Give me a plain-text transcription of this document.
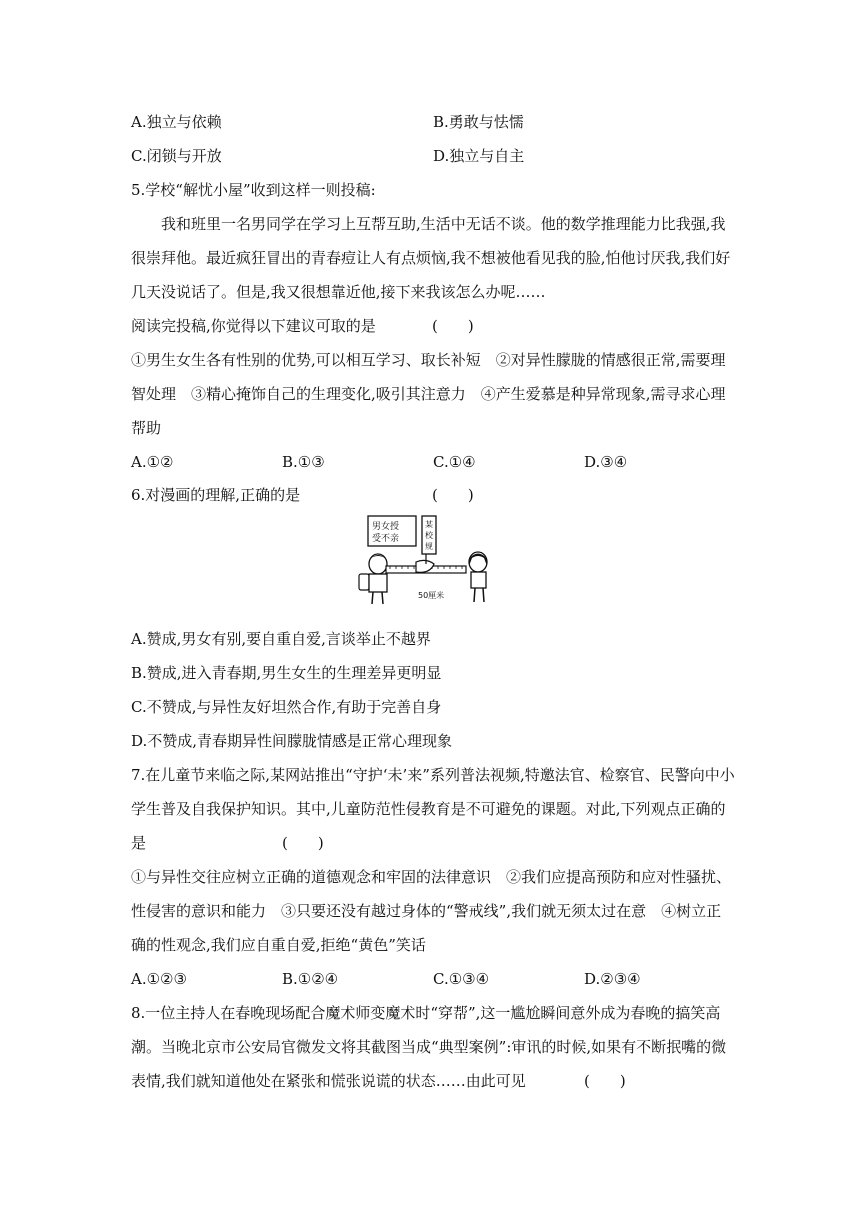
A.独立与依赖	B.勇敢与怯懦
C.闭锁与开放	D.独立与自主
5.学校“解忧小屋”收到这样一则投稿:
我和班里一名男同学在学习上互帮互助,生活中无话不谈。他的数学推理能力比我强,我
很崇拜他。最近疯狂冒出的青春痘让人有点烦恼,我不想被他看见我的脸,怕他讨厌我,我们好
几天没说话了。但是,我又很想靠近他,接下来我该怎么办呢……
阅读完投稿,你觉得以下建议可取的是	(　　)
①男生女生各有性别的优势,可以相互学习、取长补短　②对异性朦胧的情感很正常,需要理
智处理　③精心掩饰自己的生理变化,吸引其注意力　④产生爱慕是种异常现象,需寻求心理
帮助
A.①②	B.①③	C.①④	D.③④
6.对漫画的理解,正确的是	(　　)
男女授
受不亲
某
校
规
50厘米
A.赞成,男女有别,要自重自爱,言谈举止不越界
B.赞成,进入青春期,男生女生的生理差异更明显
C.不赞成,与异性友好坦然合作,有助于完善自身
D.不赞成,青春期异性间朦胧情感是正常心理现象
7.在儿童节来临之际,某网站推出“守护‘未’来”系列普法视频,特邀法官、检察官、民警向中小
学生普及自我保护知识。其中,儿童防范性侵教育是不可避免的课题。对此,下列观点正确的
是	(　　)
①与异性交往应树立正确的道德观念和牢固的法律意识　②我们应提高预防和应对性骚扰、
性侵害的意识和能力　③只要还没有越过身体的“警戒线”,我们就无须太过在意　④树立正
确的性观念,我们应自重自爱,拒绝“黄色”笑话
A.①②③	B.①②④	C.①③④	D.②③④
8.一位主持人在春晚现场配合魔术师变魔术时“穿帮”,这一尴尬瞬间意外成为春晚的搞笑高
潮。当晚北京市公安局官微发文将其截图当成“典型案例”:审讯的时候,如果有不断抿嘴的微
表情,我们就知道他处在紧张和慌张说谎的状态……由此可见	(　　)
